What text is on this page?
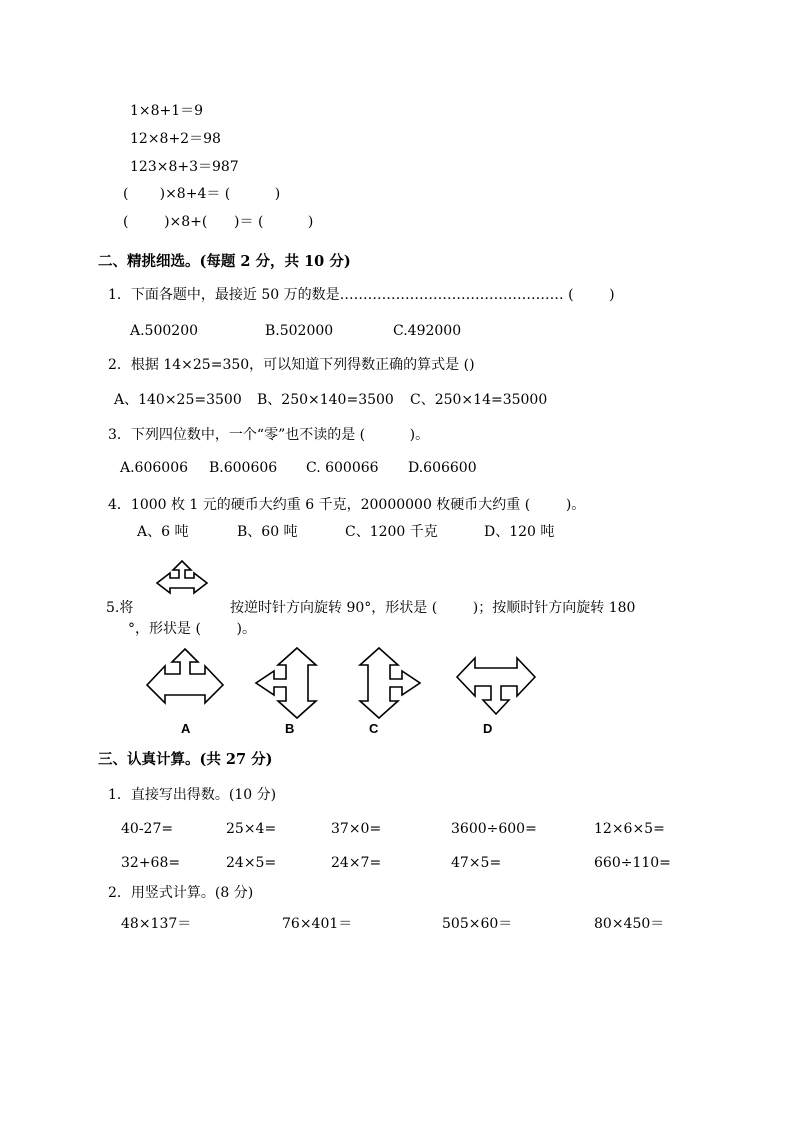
1×8+1＝9
12×8+2＝98
123×8+3＝987
(       )×8+4＝ (          )
(        )×8+(      )＝ (          )
二、精挑细选。(每题 2 分，共 10 分)
1．下面各题中，最接近 50 万的数是………………………………………… (        )
A.500200	B.502000	C.492000
2．根据 14×25=350，可以知道下列得数正确的算式是 ()
A、140×25=3500 B、250×140=3500 C、250×14=35000
3．下列四位数中，一个“零”也不读的是 (          )。
A.606006 B.600606 C. 600066 D.606600
4．1000 枚 1 元的硬币大约重 6 千克，20000000 枚硬币大约重 (        )。
A、6 吨	B、60 吨	C、1200 千克	D、120 吨
5.将	按逆时针方向旋转 90°，形状是 (        )；按顺时针方向旋转 180
°，形状是 (        )。
A	B	C	D
三、认真计算。(共 27 分)
1．直接写出得数。(10 分)
40-27=	25×4=	37×0=	3600÷600=	12×6×5=
32+68=	24×5=	24×7=	47×5=	660÷110=
2．用竖式计算。(8 分)
48×137＝	76×401＝	505×60＝	80×450＝
